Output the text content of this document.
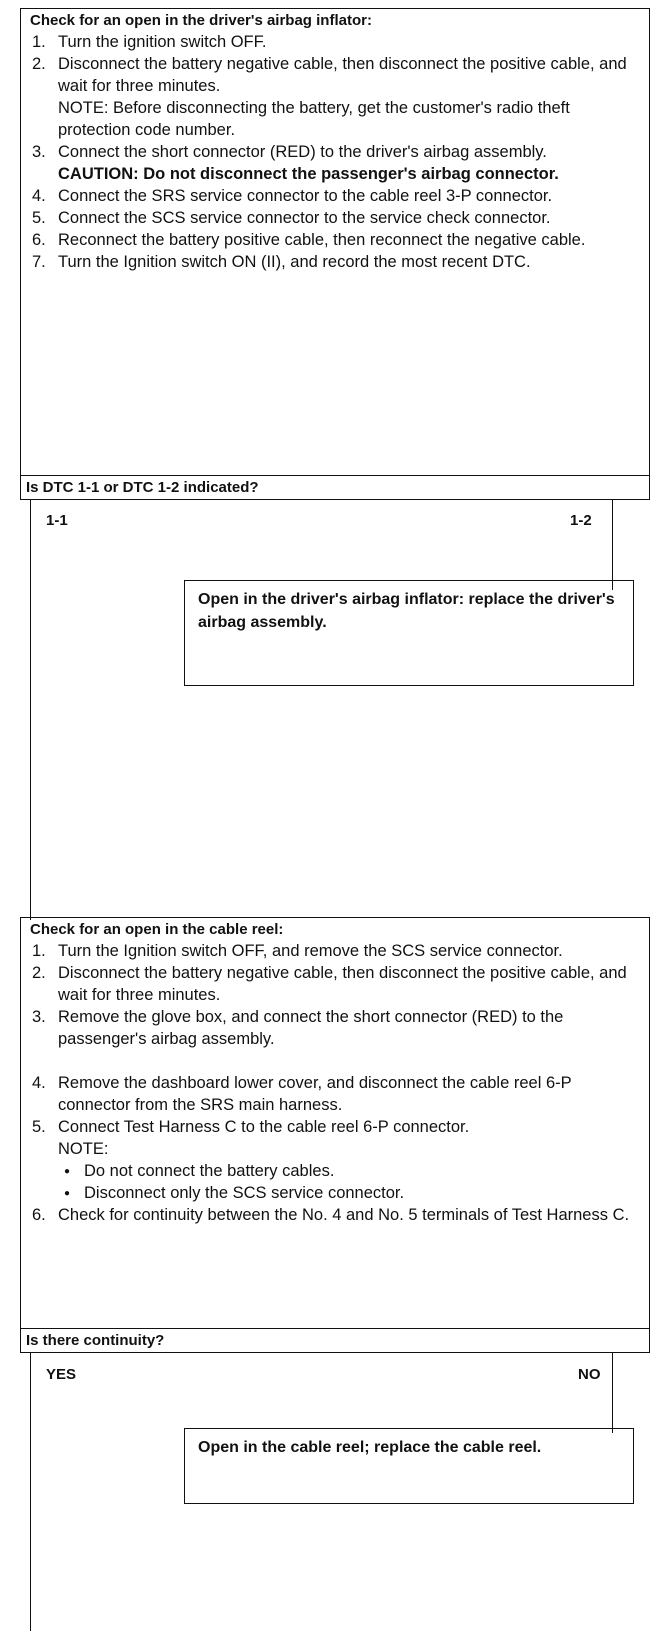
Check for an open in the driver's airbag inflator:
1. Turn the ignition switch OFF.
2. Disconnect the battery negative cable, then disconnect the positive cable, and wait for three minutes.
NOTE: Before disconnecting the battery, get the customer's radio theft protection code number.
3. Connect the short connector (RED) to the driver's airbag assembly.
CAUTION: Do not disconnect the passenger's airbag connector.
4. Connect the SRS service connector to the cable reel 3-P connector.
5. Connect the SCS service connector to the service check connector.
6. Reconnect the battery positive cable, then reconnect the negative cable.
7. Turn the Ignition switch ON (II), and record the most recent DTC.
Is DTC 1-1 or DTC 1-2 indicated?
1-1	1-2
Open in the driver's airbag inflator: replace the driver's airbag assembly.
Check for an open in the cable reel:
1. Turn the Ignition switch OFF, and remove the SCS service connector.
2. Disconnect the battery negative cable, then disconnect the positive cable, and wait for three minutes.
3. Remove the glove box, and connect the short connector (RED) to the passenger's airbag assembly.
4. Remove the dashboard lower cover, and disconnect the cable reel 6-P connector from the SRS main harness.
5. Connect Test Harness C to the cable reel 6-P connector.
NOTE:
● Do not connect the battery cables.
● Disconnect only the SCS service connector.
6. Check for continuity between the No. 4 and No. 5 terminals of Test Harness C.
Is there continuity?
YES	NO
Open in the cable reel; replace the cable reel.
